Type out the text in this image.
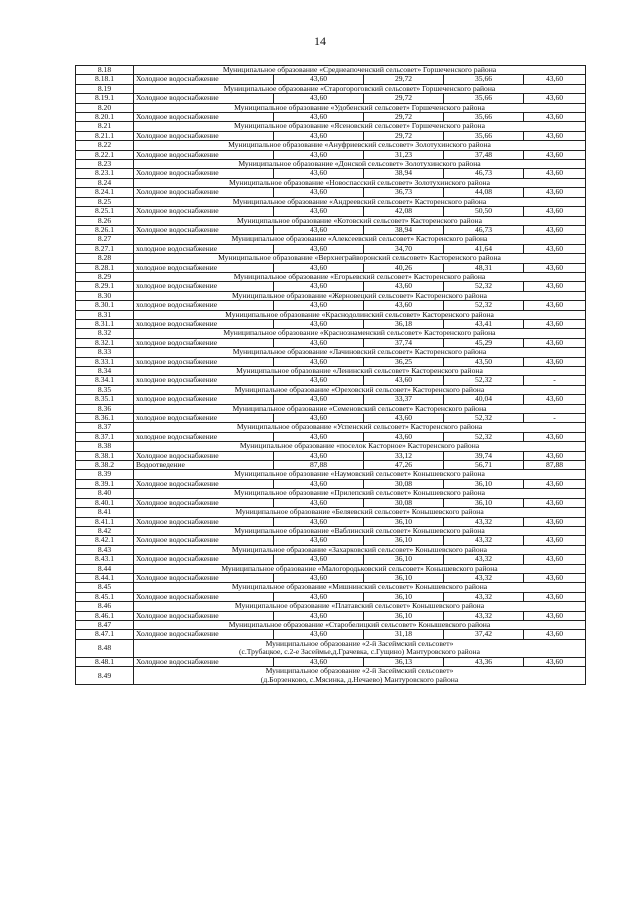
14
8.18	Муниципальное образование «Среднеапоченский сельсовет» Горшеченского района				
8.18.1	Холодное водоснабжение	43,60	29,72	35,66	43,60
8.19	Муниципальное образование «Старогороговский сельсовет» Горшеченского района				
8.19.1	Холодное водоснабжение	43,60	29,72	35,66	43,60
8.20	Муниципальное образование «Удобенский сельсовет» Горшеченского района				
8.20.1	Холодное водоснабжение	43,60	29,72	35,66	43,60
8.21	Муниципальное образование «Ясеновский сельсовет» Горшеченского района				
8.21.1	Холодное водоснабжение	43,60	29,72	35,66	43,60
8.22	Муниципальное образование «Ануфриевский сельсовет» Золотухинского района				
8.22.1	Холодное водоснабжение	43,60	31,23	37,48	43,60
8.23	Муниципальное образование «Донской сельсовет» Золотухинского района				
8.23.1	Холодное водоснабжение	43,60	38,94	46,73	43,60
8.24	Муниципальное образование «Новоспасский сельсовет» Золотухинского района				
8.24.1	Холодное водоснабжение	43,60	36,73	44,08	43,60
8.25	Муниципальное образование «Андреевский сельсовет» Касторенского района				
8.25.1	Холодное водоснабжение	43,60	42,08	50,50	43,60
8.26	Муниципальное образование «Котовский сельсовет» Касторенского района				
8.26.1	Холодное водоснабжение	43,60	38,94	46,73	43,60
8.27	Муниципальное образование «Алексеевский сельсовет» Касторенского района				
8.27.1	холодное водоснабжение	43,60	34,70	41,64	43,60
8.28	Муниципальное образование «Верхнеграйворонский сельсовет» Касторенского района				
8.28.1	холодное водоснабжение	43,60	40,26	48,31	43,60
8.29	Муниципальное образование «Егорьевский сельсовет» Касторенского района				
8.29.1	холодное водоснабжение	43,60	43,60	52,32	43,60
8.30	Муниципальное образование «Жерновецкий сельсовет» Касторенского района				
8.30.1	холодное водоснабжение	43,60	43,60	52,32	43,60
8.31	Муниципальное образование «Краснодолинский сельсовет» Касторенского района				
8.31.1	холодное водоснабжение	43,60	36,18	43,41	43,60
8.32	Муниципальное образование «Краснознаменский сельсовет» Касторенского района				
8.32.1	холодное водоснабжение	43,60	37,74	45,29	43,60
8.33	Муниципальное образование «Лачиновский сельсовет» Касторенского района				
8.33.1	холодное водоснабжение	43,60	36,25	43,50	43,60
8.34	Муниципальное образование «Ленинский сельсовет» Касторенского района				
8.34.1	холодное водоснабжение	43,60	43,60	52,32	-
8.35	Муниципальное образование «Ореховский сельсовет» Касторенского района				
8.35.1	холодное водоснабжение	43,60	33,37	40,04	43,60
8.36	Муниципальное образование «Семеновский сельсовет» Касторенского района				
8.36.1	холодное водоснабжение	43,60	43,60	52,32	-
8.37	Муниципальное образование «Успенский сельсовет» Касторенского района				
8.37.1	холодное водоснабжение	43,60	43,60	52,32	43,60
8.38	Муниципальное образование «поселок Касторное» Касторенского района				
8.38.1	Холодное водоснабжение	43,60	33,12	39,74	43,60
8.38.2	Водоотведение	87,88	47,26	56,71	87,88
8.39	Муниципальное образование «Наумовский сельсовет» Конышевского района				
8.39.1	Холодное водоснабжение	43,60	30,08	36,10	43,60
8.40	Муниципальное образование «Прилепский сельсовет» Конышевского района				
8.40.1	Холодное водоснабжение	43,60	30,08	36,10	43,60
8.41	Муниципальное образование «Беляевский сельсовет» Конышевского района				
8.41.1	Холодное водоснабжение	43,60	36,10	43,32	43,60
8.42	Муниципальное образование «Ваблинский сельсовет» Конышевского района				
8.42.1	Холодное водоснабжение	43,60	36,10	43,32	43,60
8.43	Муниципальное образование «Захарковский сельсовет» Конышевского района				
8.43.1	Холодное водоснабжение	43,60	36,10	43,32	43,60
8.44	Муниципальное образование «Малогородьковский сельсовет» Конышевского района				
8.44.1	Холодное водоснабжение	43,60	36,10	43,32	43,60
8.45	Муниципальное образование «Мишнинский сельсовет» Конышевского района				
8.45.1	Холодное водоснабжение	43,60	36,10	43,32	43,60
8.46	Муниципальное образование «Платавский сельсовет» Конышевского района				
8.46.1	Холодное водоснабжение	43,60	36,10	43,32	43,60
8.47	Муниципальное образование «Старобелицкий сельсовет» Конышевского района				
8.47.1	Холодное водоснабжение	43,60	31,18	37,42	43,60
8.48	Муниципальное образование «2-й Засеймский сельсовет»
(с.Трубацкое, с.2-е Засеймье,д.Грачевка, с.Гущино) Мантуровского района				

8.48.1	Холодное водоснабжение	43,60	36,13	43,36	43,60
8.49	Муниципальное образование «2-й Засеймский сельсовет»
(д.Борзенково, с.Мясинка, д.Нечаево) Мантуровского района				
